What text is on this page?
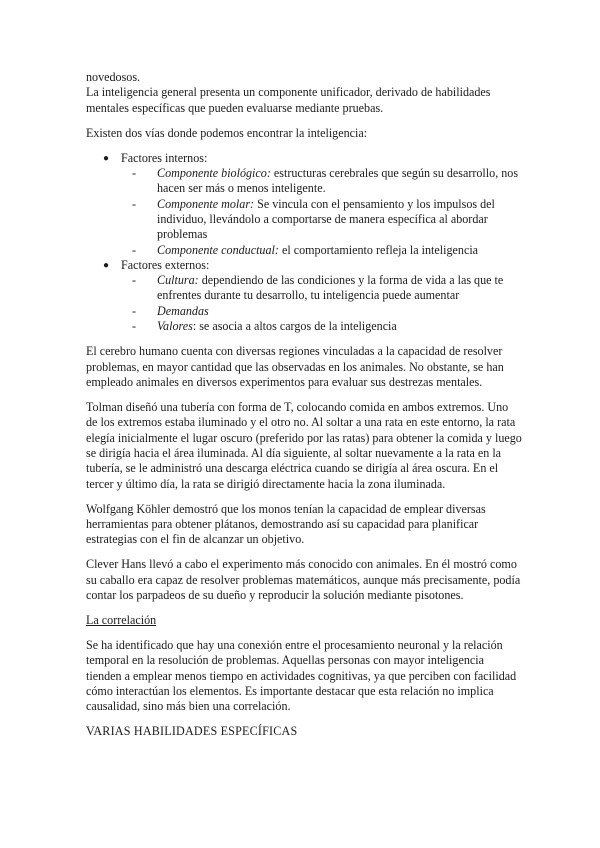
novedosos.
La inteligencia general presenta un componente unificador, derivado de habilidades mentales específicas que pueden evaluarse mediante pruebas.

Existen dos vías donde podemos encontrar la inteligencia:

● Factores internos:
- Componente biológico: estructuras cerebrales que según su desarrollo, nos hacen ser más o menos inteligente.
- Componente molar: Se vincula con el pensamiento y los impulsos del individuo, llevándolo a comportarse de manera específica al abordar problemas
- Componente conductual: el comportamiento refleja la inteligencia
● Factores externos:
- Cultura: dependiendo de las condiciones y la forma de vida a las que te enfrentes durante tu desarrollo, tu inteligencia puede aumentar
- Demandas
- Valores: se asocia a altos cargos de la inteligencia

El cerebro humano cuenta con diversas regiones vinculadas a la capacidad de resolver problemas, en mayor cantidad que las observadas en los animales. No obstante, se han empleado animales en diversos experimentos para evaluar sus destrezas mentales.

Tolman diseñó una tubería con forma de T, colocando comida en ambos extremos. Uno de los extremos estaba iluminado y el otro no. Al soltar a una rata en este entorno, la rata elegía inicialmente el lugar oscuro (preferido por las ratas) para obtener la comida y luego se dirigía hacia el área iluminada. Al día siguiente, al soltar nuevamente a la rata en la tubería, se le administró una descarga eléctrica cuando se dirigía al área oscura. En el tercer y último día, la rata se dirigió directamente hacia la zona iluminada.

Wolfgang Köhler demostró que los monos tenían la capacidad de emplear diversas herramientas para obtener plátanos, demostrando así su capacidad para planificar estrategias con el fin de alcanzar un objetivo.

Clever Hans llevó a cabo el experimento más conocido con animales. En él mostró como su caballo era capaz de resolver problemas matemáticos, aunque más precisamente, podía contar los parpadeos de su dueño y reproducir la solución mediante pisotones.

La correlación

Se ha identificado que hay una conexión entre el procesamiento neuronal y la relación temporal en la resolución de problemas. Aquellas personas con mayor inteligencia tienden a emplear menos tiempo en actividades cognitivas, ya que perciben con facilidad cómo interactúan los elementos. Es importante destacar que esta relación no implica causalidad, sino más bien una correlación.

VARIAS HABILIDADES ESPECÍFICAS
